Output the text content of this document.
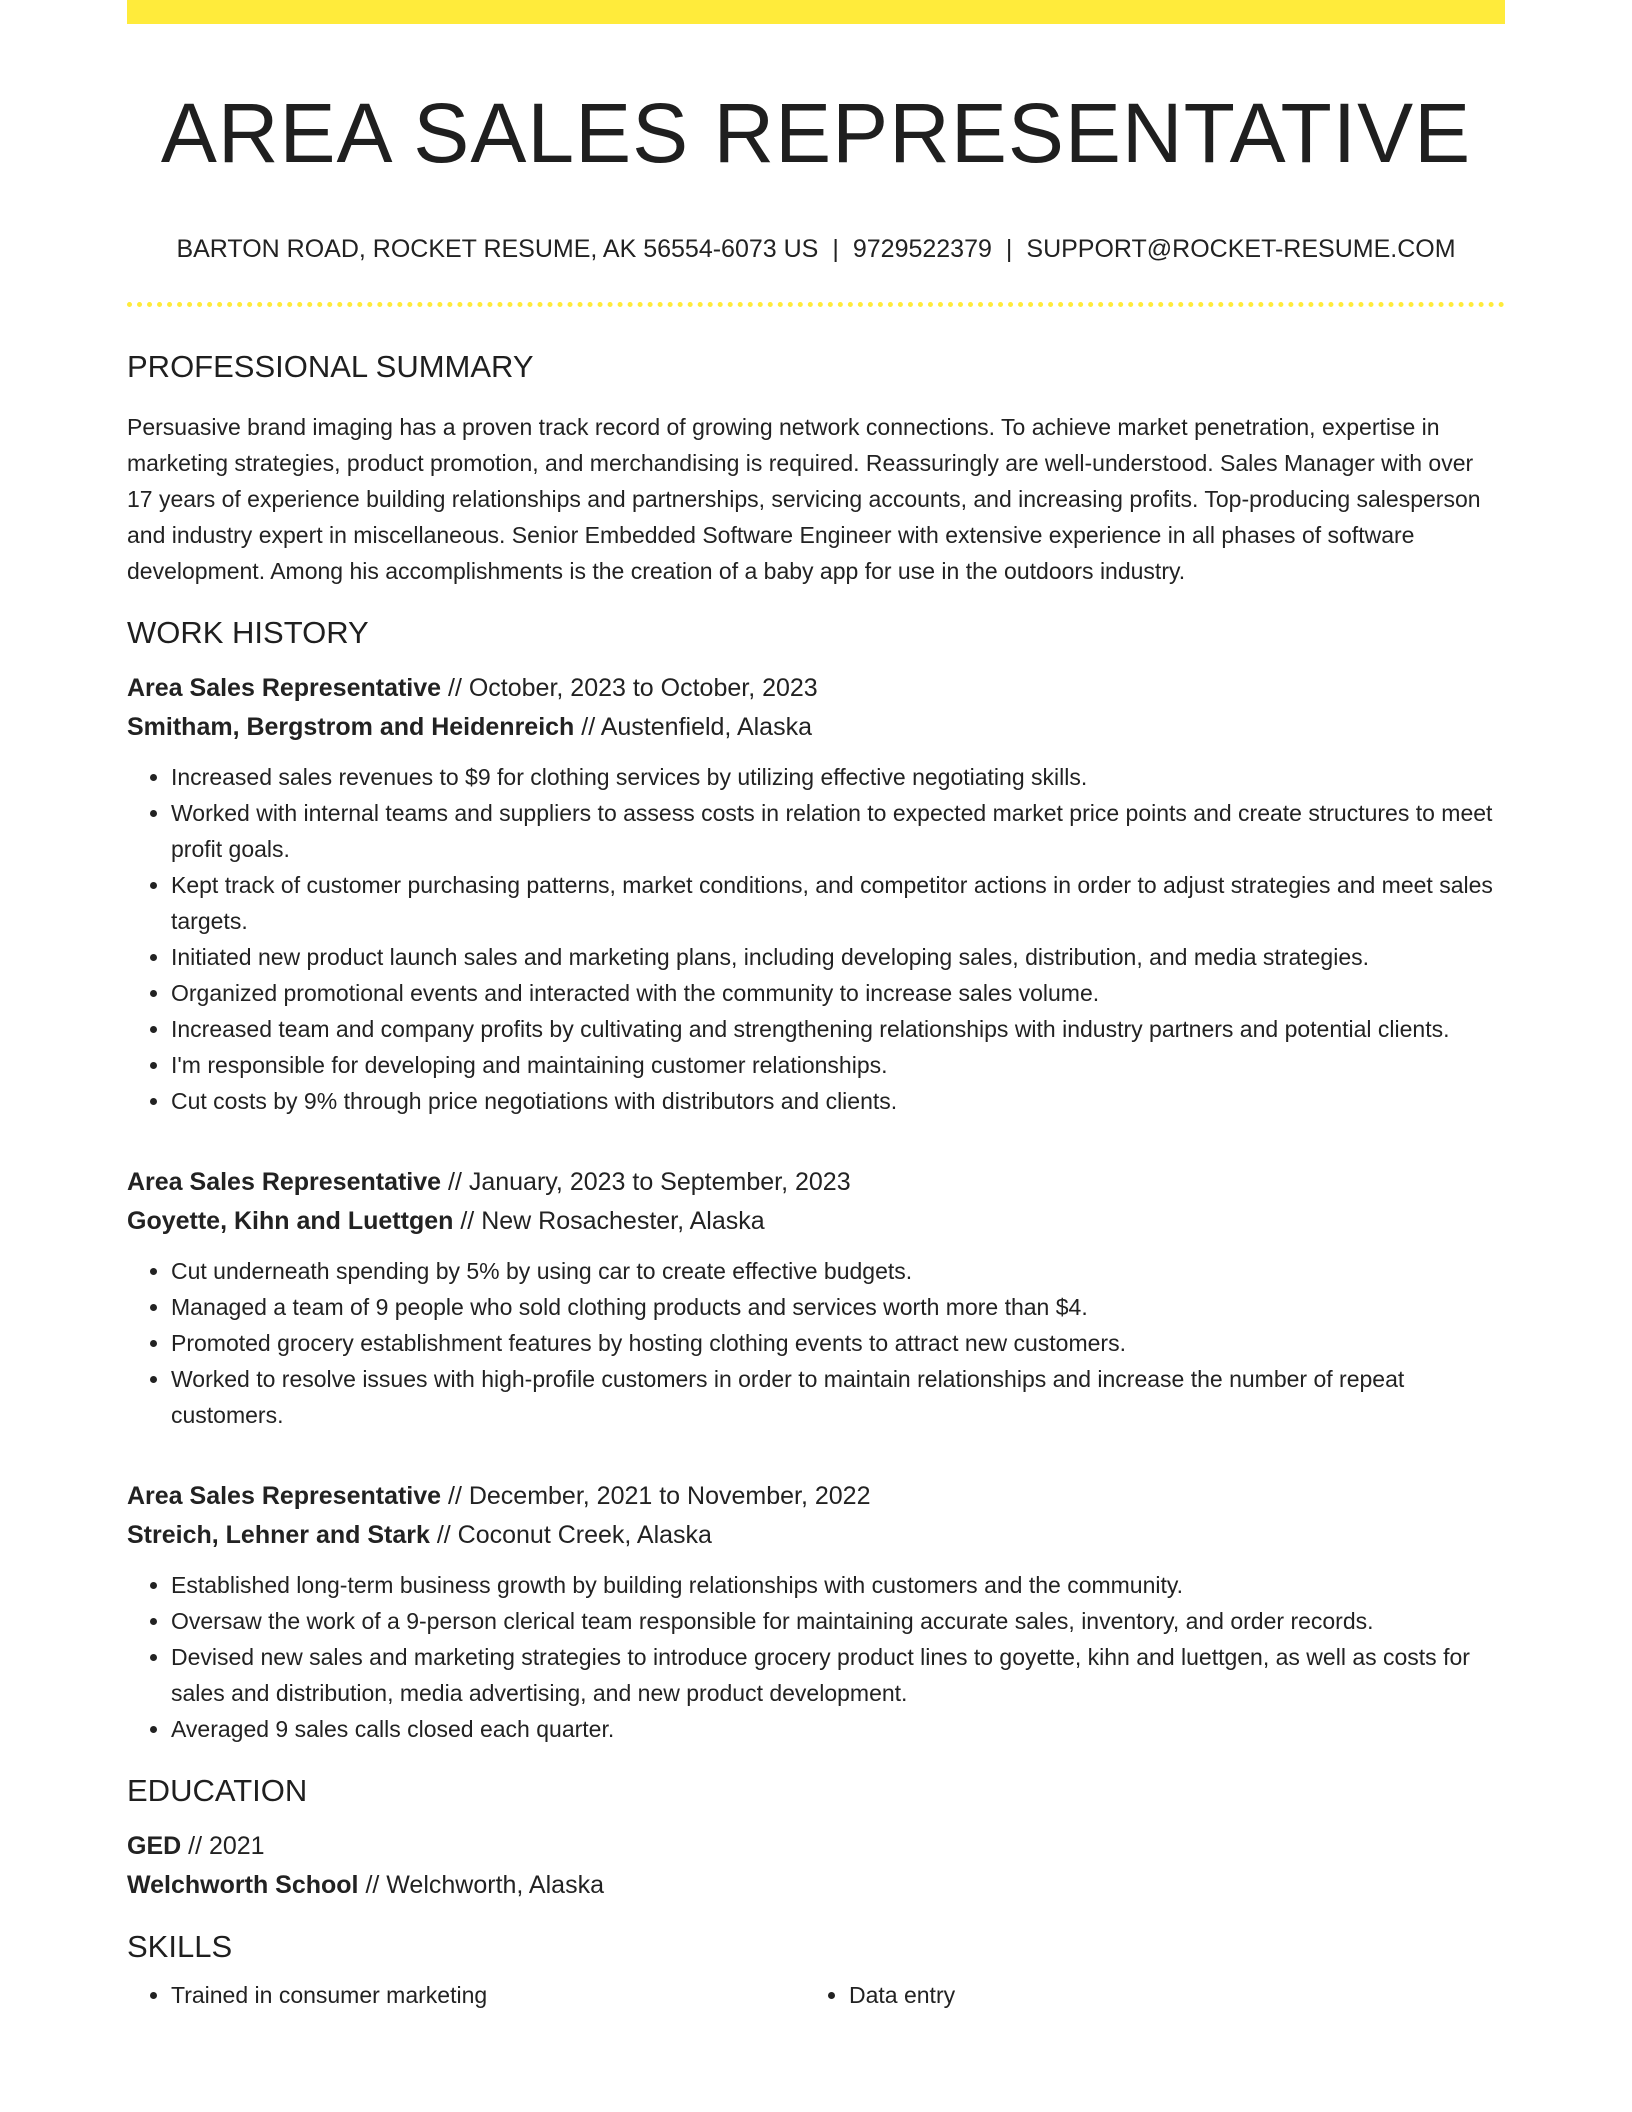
AREA SALES REPRESENTATIVE
BARTON ROAD, ROCKET RESUME, AK 56554-6073 US | 9729522379 | SUPPORT@ROCKET-RESUME.COM
PROFESSIONAL SUMMARY

Persuasive brand imaging has a proven track record of growing network connections. To achieve market penetration, expertise in marketing strategies, product promotion, and merchandising is required. Reassuringly are well-understood. Sales Manager with over 17 years of experience building relationships and partnerships, servicing accounts, and increasing profits. Top-producing salesperson and industry expert in miscellaneous. Senior Embedded Software Engineer with extensive experience in all phases of software development. Among his accomplishments is the creation of a baby app for use in the outdoors industry.

WORK HISTORY
Area Sales Representative // October, 2023 to October, 2023
Smitham, Bergstrom and Heidenreich // Austenfield, Alaska
• Increased sales revenues to $9 for clothing services by utilizing effective negotiating skills.
• Worked with internal teams and suppliers to assess costs in relation to expected market price points and create structures to meet profit goals.
• Kept track of customer purchasing patterns, market conditions, and competitor actions in order to adjust strategies and meet sales targets.
• Initiated new product launch sales and marketing plans, including developing sales, distribution, and media strategies.
• Organized promotional events and interacted with the community to increase sales volume.
• Increased team and company profits by cultivating and strengthening relationships with industry partners and potential clients.
• I'm responsible for developing and maintaining customer relationships.
• Cut costs by 9% through price negotiations with distributors and clients.
Area Sales Representative // January, 2023 to September, 2023
Goyette, Kihn and Luettgen // New Rosachester, Alaska
• Cut underneath spending by 5% by using car to create effective budgets.
• Managed a team of 9 people who sold clothing products and services worth more than $4.
• Promoted grocery establishment features by hosting clothing events to attract new customers.
• Worked to resolve issues with high-profile customers in order to maintain relationships and increase the number of repeat customers.
Area Sales Representative // December, 2021 to November, 2022
Streich, Lehner and Stark // Coconut Creek, Alaska
• Established long-term business growth by building relationships with customers and the community.
• Oversaw the work of a 9-person clerical team responsible for maintaining accurate sales, inventory, and order records.
• Devised new sales and marketing strategies to introduce grocery product lines to goyette, kihn and luettgen, as well as costs for sales and distribution, media advertising, and new product development.
• Averaged 9 sales calls closed each quarter.
EDUCATION
GED // 2021
Welchworth School // Welchworth, Alaska
SKILLS
• Trained in consumer marketing
•	Data entry
